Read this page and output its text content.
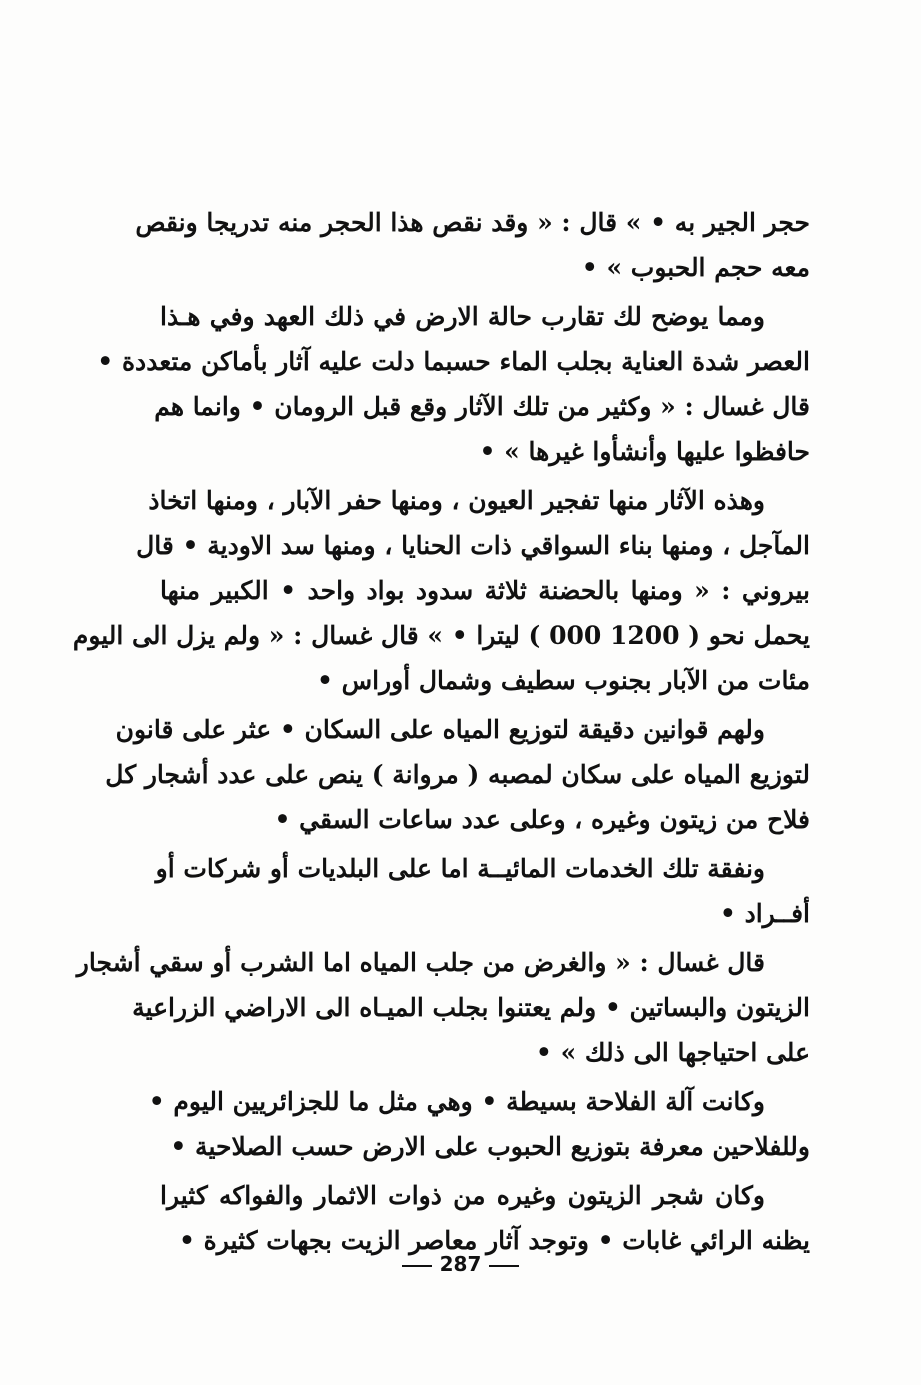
حجر الجير به • » قال : « وقد نقص هذا الحجر منه تدريجا ونقص
معه حجم الحبوب » •
ومما يوضح لك تقارب حالة الارض في ذلك العهد وفي هـذا
العصر شدة العناية بجلب الماء حسبما دلت عليه آثار بأماكن متعددة •
قال غسال : « وكثير من تلك الآثار وقع قبل الرومان • وانما هم
حافظوا عليها وأنشأوا غيرها » •
وهذه الآثار منها تفجير العيون ، ومنها حفر الآبار ، ومنها اتخاذ
المآجل ، ومنها بناء السواقي ذات الحنايا ، ومنها سد الاودية • قال
بيروني : « ومنها بالحضنة ثلاثة سدود بواد واحد • الكبير منها
يحمل نحو ( 1200 000 ) ليترا • » قال غسال : « ولم يزل الى اليوم
مئات من الآبار بجنوب سطيف وشمال أوراس •
ولهم قوانين دقيقة لتوزيع المياه على السكان • عثر على قانون
لتوزيع المياه على سكان لمصبه ( مروانة ) ينص على عدد أشجار كل
فلاح من زيتون وغيره ، وعلى عدد ساعات السقي •
ونفقة تلك الخدمات المائيــة اما على البلديات أو شركات أو
أفــراد •
قال غسال : « والغرض من جلب المياه اما الشرب أو سقي أشجار
الزيتون والبساتين • ولم يعتنوا بجلب الميـاه الى الاراضي الزراعية
على احتياجها الى ذلك » •
وكانت آلة الفلاحة بسيطة • وهي مثل ما للجزائريين اليوم •
وللفلاحين معرفة بتوزيع الحبوب على الارض حسب الصلاحية •
وكان شجر الزيتون وغيره من ذوات الاثمار والفواكه كثيرا
يظنه الرائي غابات • وتوجد آثار معاصر الزيت بجهات كثيرة •
287
